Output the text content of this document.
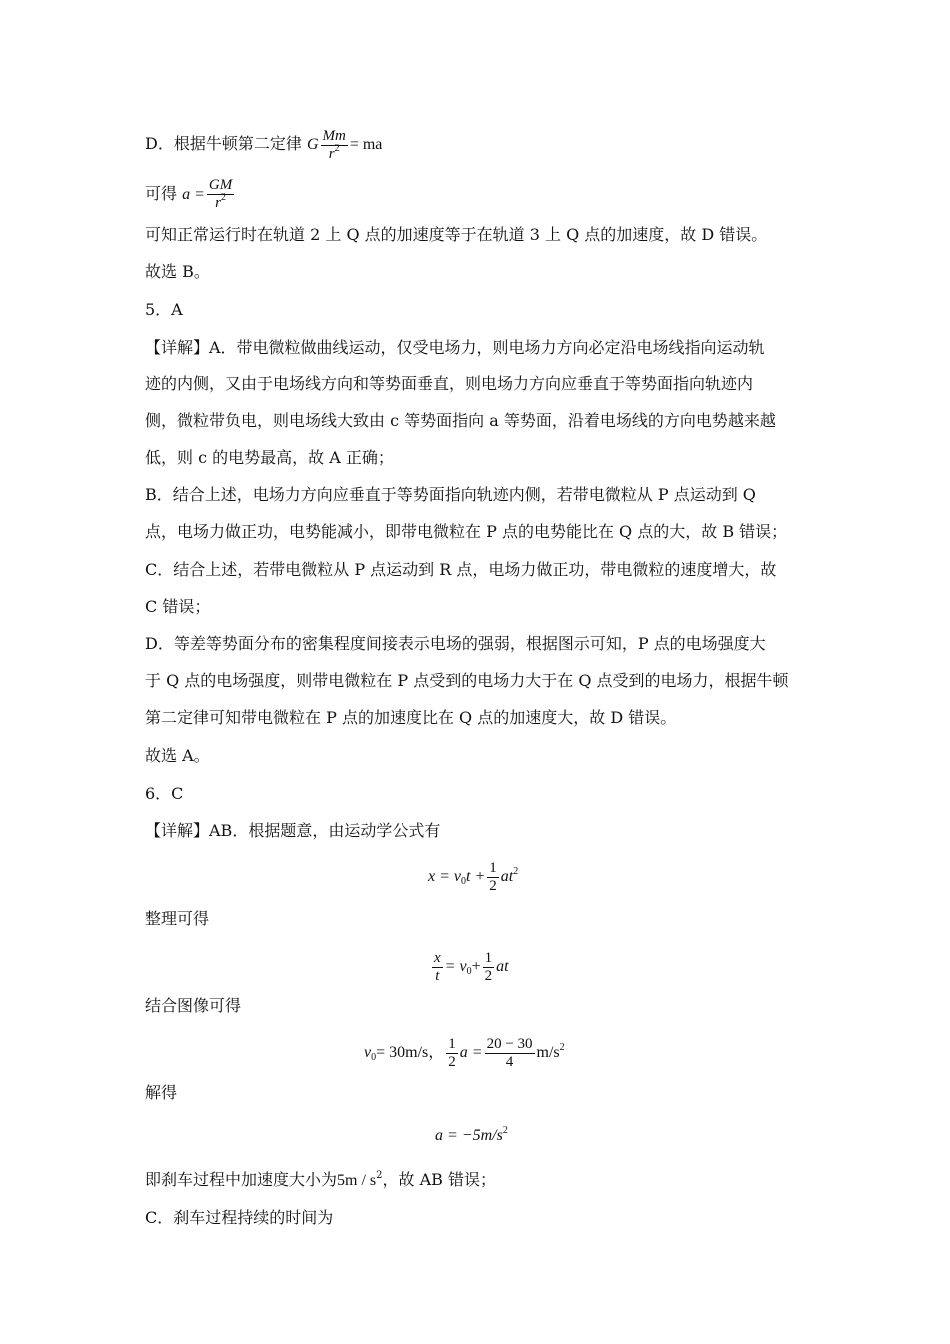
D．根据牛顿第二定律 G $\frac{Mm}{r^2}$ = ma
可得 $a = \frac{GM}{r^2}$
可知正常运行时在轨道 2 上 Q 点的加速度等于在轨道 3 上 Q 点的加速度，故 D 错误。
故选 B。
5．A
【详解】A．带电微粒做曲线运动，仅受电场力，则电场力方向必定沿电场线指向运动轨
迹的内侧，又由于电场线方向和等势面垂直，则电场力方向应垂直于等势面指向轨迹内
侧，微粒带负电，则电场线大致由 c 等势面指向 a 等势面，沿着电场线的方向电势越来越
低，则 c 的电势最高，故 A 正确；
B．结合上述，电场力方向应垂直于等势面指向轨迹内侧，若带电微粒从 P 点运动到 Q
点，电场力做正功，电势能减小，即带电微粒在 P 点的电势能比在 Q 点的大，故 B 错误；
C．结合上述，若带电微粒从 P 点运动到 R 点，电场力做正功，带电微粒的速度增大，故
C 错误；
D．等差等势面分布的密集程度间接表示电场的强弱，根据图示可知，P 点的电场强度大
于 Q 点的电场强度，则带电微粒在 P 点受到的电场力大于在 Q 点受到的电场力，根据牛顿
第二定律可知带电微粒在 P 点的加速度比在 Q 点的加速度大，故 D 错误。
故选 A。
6．C
【详解】AB．根据题意，由运动学公式有
$x = v_0t + \frac{1}{2} at^2$
整理可得
$\frac{x}{t} = v_0+ \frac{1}{2}$ at
结合图像可得
$v_0= 30m/s$， $\frac{1}{2}$ $a = \frac{20 - 30}{4} m/s^2$
解得
$a = -5m/s^2$
即刹车过程中加速度大小为$5m / s^2$，故 AB 错误；
C．刹车过程持续的时间为
